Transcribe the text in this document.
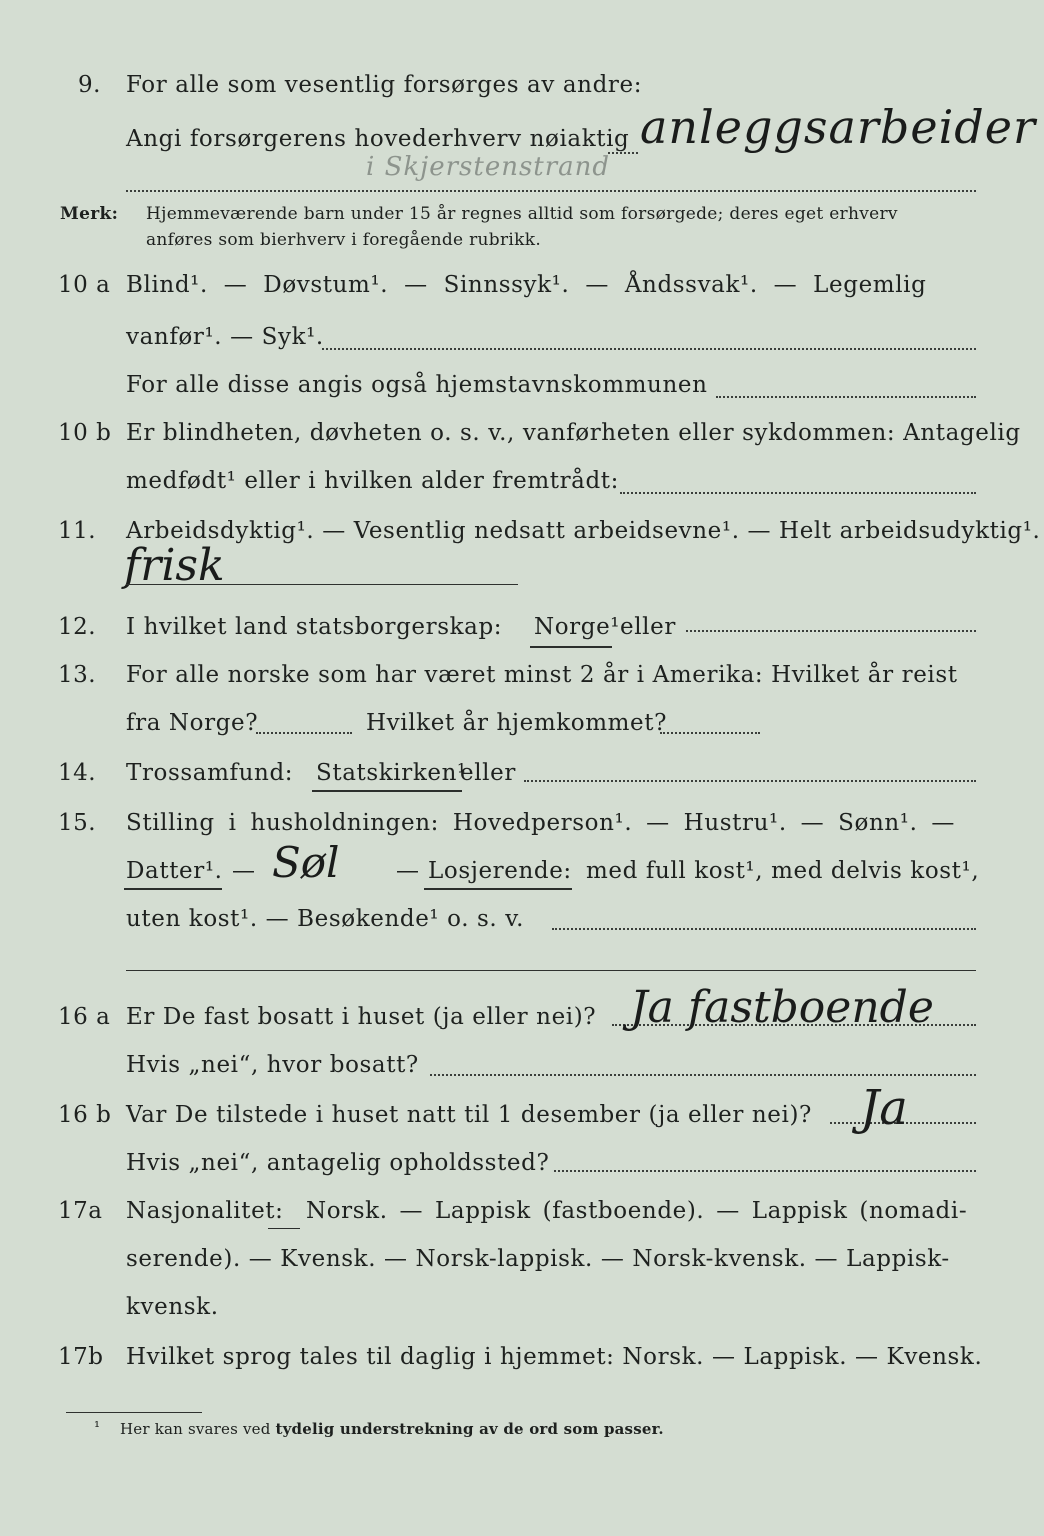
9. For alle som vesentlig forsørges av andre:
Angi forsørgerens hovederhverv nøiaktig anleggsarbeider
i Skjerstenstrand
Merk: Hjemmeværende barn under 15 år regnes alltid som forsørgede; deres eget erhverv
anføres som bierhverv i foregående rubrikk.
10 a Blind¹. — Døvstum¹. — Sinnssyk¹. — Åndssvak¹. — Legemlig
vanfør¹. — Syk¹.
For alle disse angis også hjemstavnskommunen
10 b Er blindheten, døvheten o. s. v., vanførheten eller sykdommen: Antagelig
medfødt¹ eller i hvilken alder fremtrådt:
11. Arbeidsdyktig¹. — Vesentlig nedsatt arbeidsevne¹. — Helt arbeidsudyktig¹.
frisk
12. I hvilket land statsborgerskap: Norge¹ eller
13. For alle norske som har været minst 2 år i Amerika: Hvilket år reist
fra Norge?	Hvilket år hjemkommet?
14. Trossamfund: Statskirken¹
eller
15. Stilling i husholdningen: Hovedperson¹. — Hustru¹. — Sønn¹. —
Datter¹. — Søl — Losjerende: med full kost¹, med delvis kost¹,
uten kost¹. — Besøkende¹ o. s. v.
16 a Er De fast bosatt i huset (ja eller nei)? Ja fastboende
Hvis „nei“, hvor bosatt?
16 b Var De tilstede i huset natt til 1 desember (ja eller nei)? Ja
Hvis „nei“, antagelig opholdssted?
17a Nasjonalitet: Norsk. — Lappisk (fastboende). — Lappisk (nomadi-
serende). — Kvensk. — Norsk-lappisk. — Norsk-kvensk. — Lappisk-
kvensk.
17b Hvilket sprog tales til daglig i hjemmet: Norsk. — Lappisk. — Kvensk.
¹ Her kan svares ved tydelig understrekning av de ord som passer.
